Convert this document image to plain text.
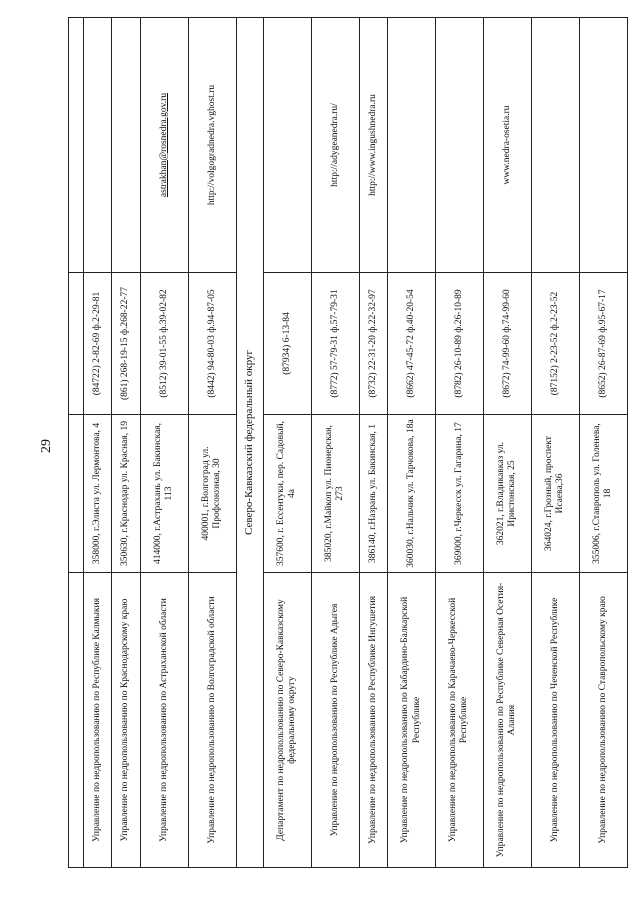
29

Управление по недропользованию по Республике Калмыкия	358000, г.Элиста ул. Лермонтова, 4	(84722) 2-82-69 ф.2-29-81	
Управление по недропользованию по Краснодарскому краю	350630, г.Краснодар ул. Красная, 19	(861) 268-19-15 ф.268-22-77	
Управление по недропользованию по Астраханской области	414000, г.Астрахань ул. Бакинская, 113	(8512) 39-01-55 ф.39-02-82	astrakhan@rosnedra.gov.ru
Управление по недропользованию по Волгоградской области	400001, г.Волгоград ул. Профсоюзная, 30	(8442) 94-80-03 ф.94-87-05	http://volgogradnedra.vghost.ru
Северо-Кавказский федеральный округ			
Департамент по недропользованию по Северо-Кавказскому федеральному округу	357600, г. Ессентуки, пер. Садовый, 4а	(87934) 6-13-84	
Управление по недропользованию по Республике Адыгея	385020, г.Майкоп ул. Пионерская, 273	(8772) 57-79-31 ф.57-79-31	http://adygeanedra.ru/
Управление по недропользованию по Республике Ингушетия	386140, г.Назрань ул. Бакинская, 1	(8732) 22-31-20 ф.22-32-97	http://www.ingushnedra.ru
Управление по недропользованию по Кабардино-Балкарской Республике	360030, г.Нальчик ул. Тарчокова, 18а	(8662) 47-45-72 ф.40-20-54	
Управление по недропользованию по Карачаево-Черкесской Республике	369000, г.Черкесск ул. Гагарина, 17	(8782) 26-10-89 ф.26-10-89	
Управление по недропользованию по Республике Северная Осетия-Алания	362021, г.Владикавказ ул. Иристонская, 25	(8672) 74-99-60 ф.74-99-60	www.nedra-osetia.ru
Управление по недропользованию по Чеченской Республике	364024, г.Грозный, проспект Исаева,36	(87152) 2-23-52 ф.2-23-52	
Управление по недропользованию по Ставропольскому краю	355006, г.Ставрополь ул. Голенева, 18	(8652) 26-87-69 ф.95-67-17	
